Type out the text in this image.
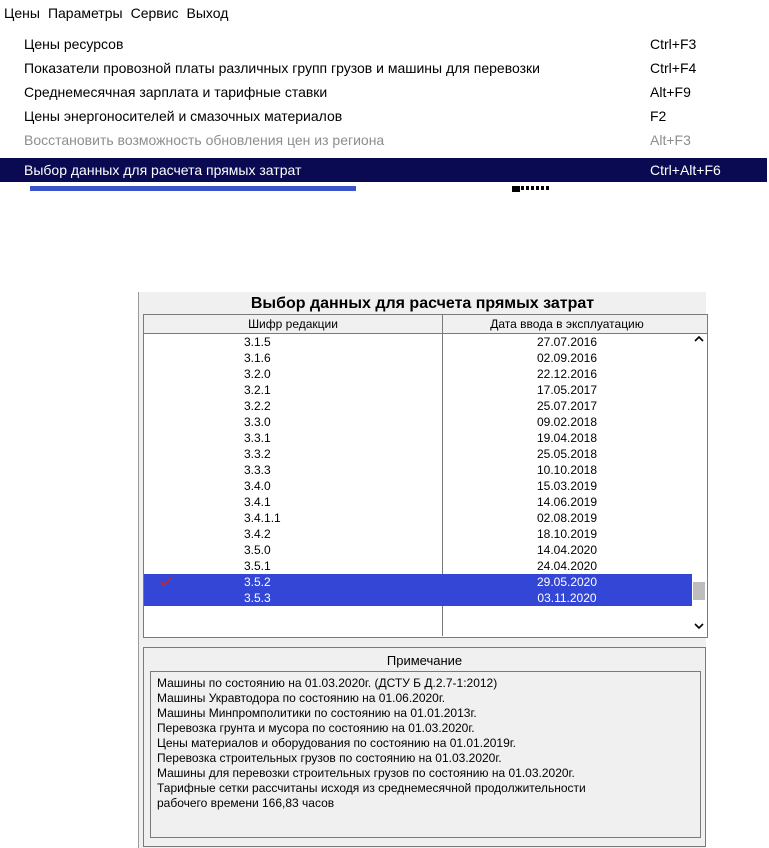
Цены Параметры Сервис Выход
Цены ресурсов	Ctrl+F3
Показатели провозной платы различных групп грузов и машины для перевозки	Ctrl+F4
Среднемесячная зарплата и тарифные ставки	Alt+F9
Цены энергоносителей и смазочных материалов	F2
Восстановить возможность обновления цен из региона	Alt+F3
Выбор данных для расчета прямых затрат	Ctrl+Alt+F6
Выбор данных для расчета прямых затрат
Шифр редакции	Дата ввода в эксплуатацию
3.1.5	27.07.2016
3.1.6	02.09.2016
3.2.0	22.12.2016
3.2.1	17.05.2017
3.2.2	25.07.2017
3.3.0	09.02.2018
3.3.1	19.04.2018
3.3.2	25.05.2018
3.3.3	10.10.2018
3.4.0	15.03.2019
3.4.1	14.06.2019
3.4.1.1	02.08.2019
3.4.2	18.10.2019
3.5.0	14.04.2020
3.5.1	24.04.2020
3.5.2	29.05.2020
3.5.3	03.11.2020
Примечание
Машины по состоянию на 01.03.2020г. (ДСТУ Б Д.2.7-1:2012)
Машины Укравтодора по состоянию на 01.06.2020г.
Машины Минпромполитики по состоянию на 01.01.2013г.
Перевозка грунта и мусора по состоянию на 01.03.2020г.
Цены материалов и оборудования по состоянию на 01.01.2019г.
Перевозка строительных грузов по состоянию на 01.03.2020г.
Машины для перевозки строительных грузов по состоянию на 01.03.2020г.
Тарифные сетки рассчитаны исходя из среднемесячной продолжительности
рабочего времени 166,83 часов
